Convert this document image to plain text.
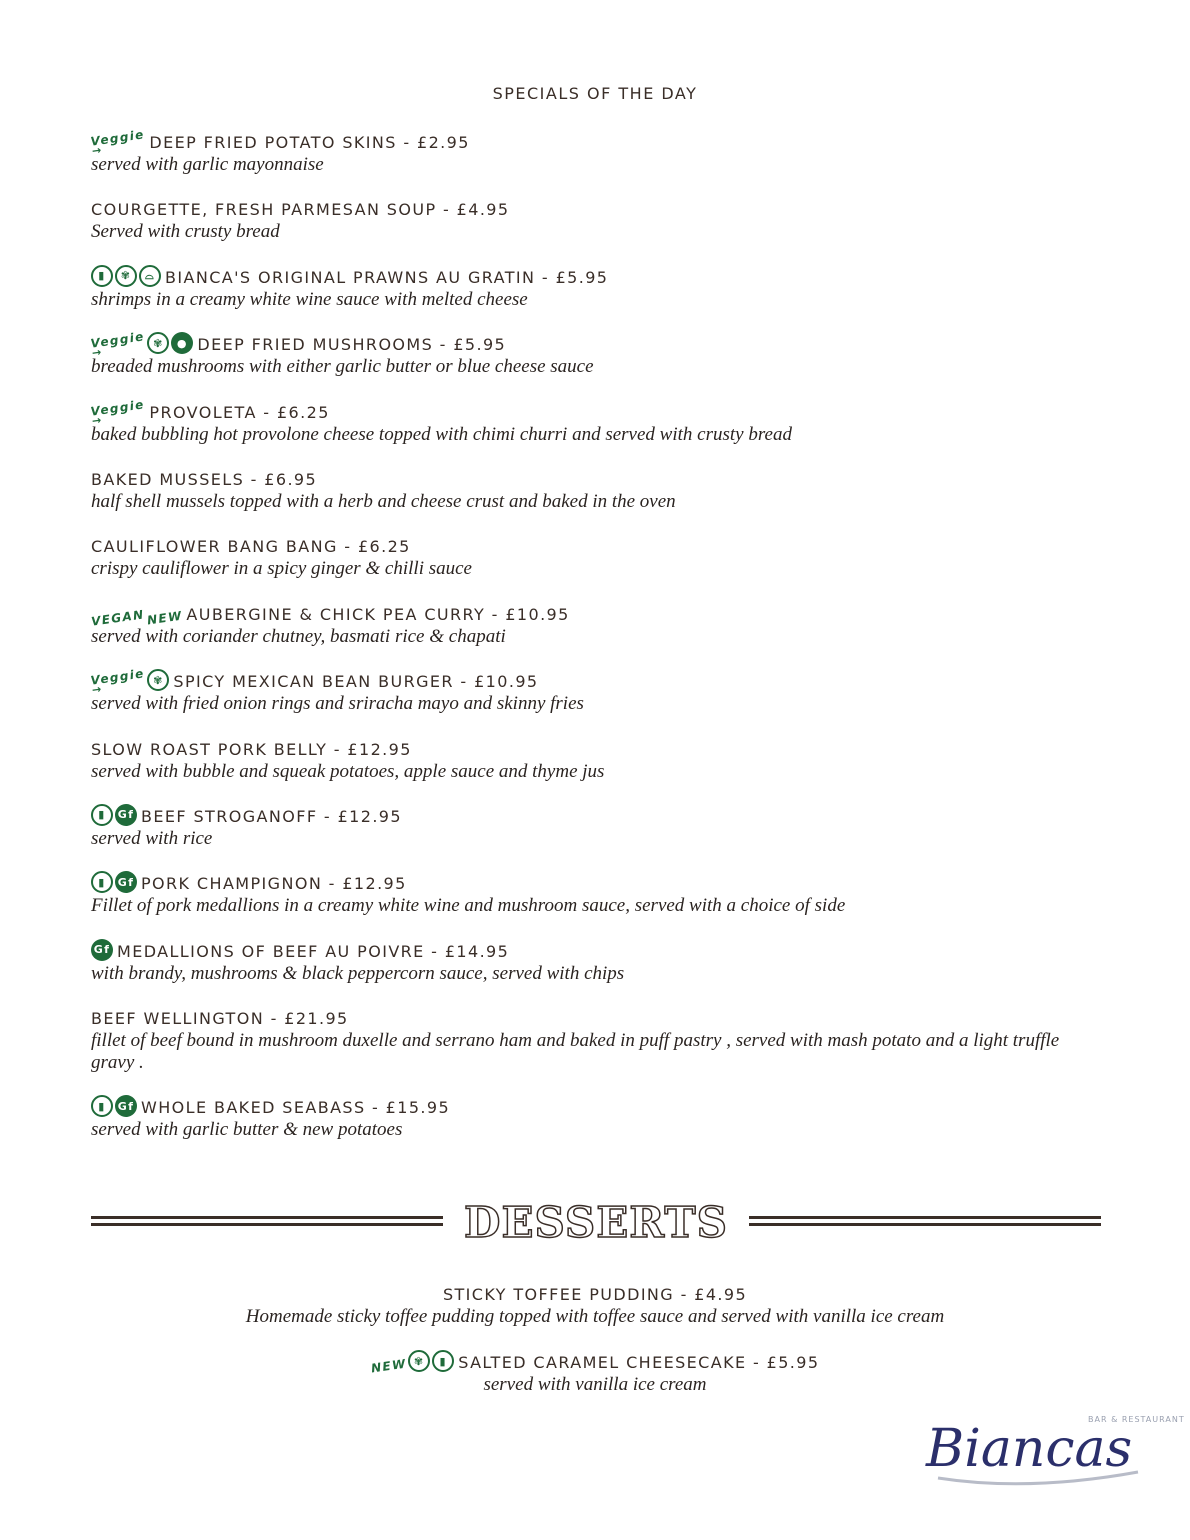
SPECIALS OF THE DAY
Veggie → DEEP FRIED POTATO SKINS - £2.95
served with garlic mayonnaise
COURGETTE, FRESH PARMESAN SOUP - £4.95
Served with crusty bread
▮	✾	⌓ BIANCA'S ORIGINAL PRAWNS AU GRATIN - £5.95
shrimps in a creamy white wine sauce with melted cheese
Veggie → ✾	● DEEP FRIED MUSHROOMS - £5.95
breaded mushrooms with either garlic butter or blue cheese sauce
Veggie → PROVOLETA - £6.25
baked bubbling hot provolone cheese topped with chimi churri and served with crusty bread
BAKED MUSSELS - £6.95
half shell mussels topped with a herb and cheese crust and baked in the oven
CAULIFLOWER BANG BANG - £6.25
crispy cauliflower in a spicy ginger & chilli sauce
VEGAN NEW AUBERGINE & CHICK PEA CURRY - £10.95
served with coriander chutney, basmati rice & chapati
Veggie → ✾ SPICY MEXICAN BEAN BURGER - £10.95
served with fried onion rings and sriracha mayo and skinny fries
SLOW ROAST PORK BELLY - £12.95
served with bubble and squeak potatoes, apple sauce and thyme jus
▮	Gf BEEF STROGANOFF - £12.95
served with rice
▮	Gf PORK CHAMPIGNON - £12.95
Fillet of pork medallions in a creamy white wine and mushroom sauce, served with a choice of side
Gf MEDALLIONS OF BEEF AU POIVRE - £14.95
with brandy, mushrooms & black peppercorn sauce, served with chips
BEEF WELLINGTON - £21.95
fillet of beef bound in mushroom duxelle and serrano ham and baked in puff pastry , served with mash potato and a light truffle gravy .
▮	Gf WHOLE BAKED SEABASS - £15.95
served with garlic butter & new potatoes
DESSERTS
STICKY TOFFEE PUDDING - £4.95
Homemade sticky toffee pudding topped with toffee sauce and served with vanilla ice cream
NEW ✾	▮ SALTED CARAMEL CHEESECAKE - £5.95
served with vanilla ice cream
BAR & RESTAURANT
Biancas
